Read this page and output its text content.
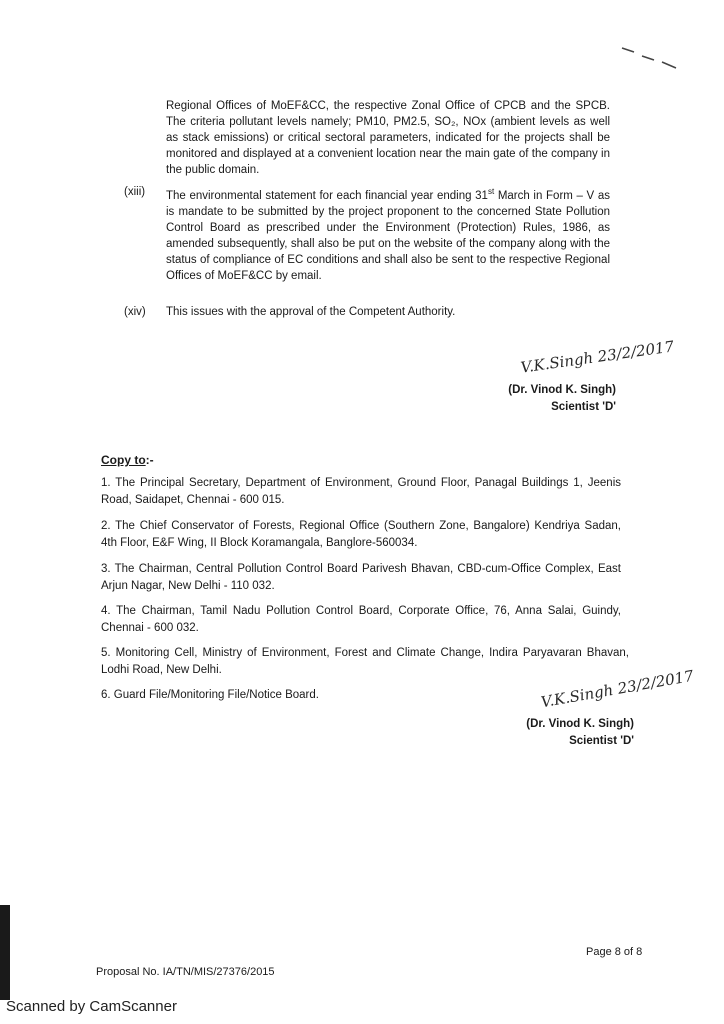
Regional Offices of MoEF&CC, the respective Zonal Office of CPCB and the SPCB. The criteria pollutant levels namely; PM10, PM2.5, SO₂, NOx (ambient levels as well as stack emissions) or critical sectoral parameters, indicated for the projects shall be monitored and displayed at a convenient location near the main gate of the company in the public domain.
(xiii) The environmental statement for each financial year ending 31st March in Form – V as is mandate to be submitted by the project proponent to the concerned State Pollution Control Board as prescribed under the Environment (Protection) Rules, 1986, as amended subsequently, shall also be put on the website of the company along with the status of compliance of EC conditions and shall also be sent to the respective Regional Offices of MoEF&CC by email.
(xiv) This issues with the approval of the Competent Authority.
V.K.Singh 23/2/2017
(Dr. Vinod K. Singh)
Scientist 'D'
Copy to:-
1. The Principal Secretary, Department of Environment, Ground Floor, Panagal Buildings 1, Jeenis Road, Saidapet, Chennai - 600 015.
2. The Chief Conservator of Forests, Regional Office (Southern Zone, Bangalore) Kendriya Sadan, 4th Floor, E&F Wing, II Block Koramangala, Banglore-560034.
3. The Chairman, Central Pollution Control Board Parivesh Bhavan, CBD-cum-Office Complex, East Arjun Nagar, New Delhi - 110 032.
4. The Chairman, Tamil Nadu Pollution Control Board, Corporate Office, 76, Anna Salai, Guindy, Chennai - 600 032.
5. Monitoring Cell, Ministry of Environment, Forest and Climate Change, Indira Paryavaran Bhavan, Lodhi Road, New Delhi.
6. Guard File/Monitoring File/Notice Board.	V.K.Singh 23/2/2017
(Dr. Vinod K. Singh)
Scientist 'D'
Page 8 of 8
Proposal No. IA/TN/MIS/27376/2015
Scanned by CamScanner
